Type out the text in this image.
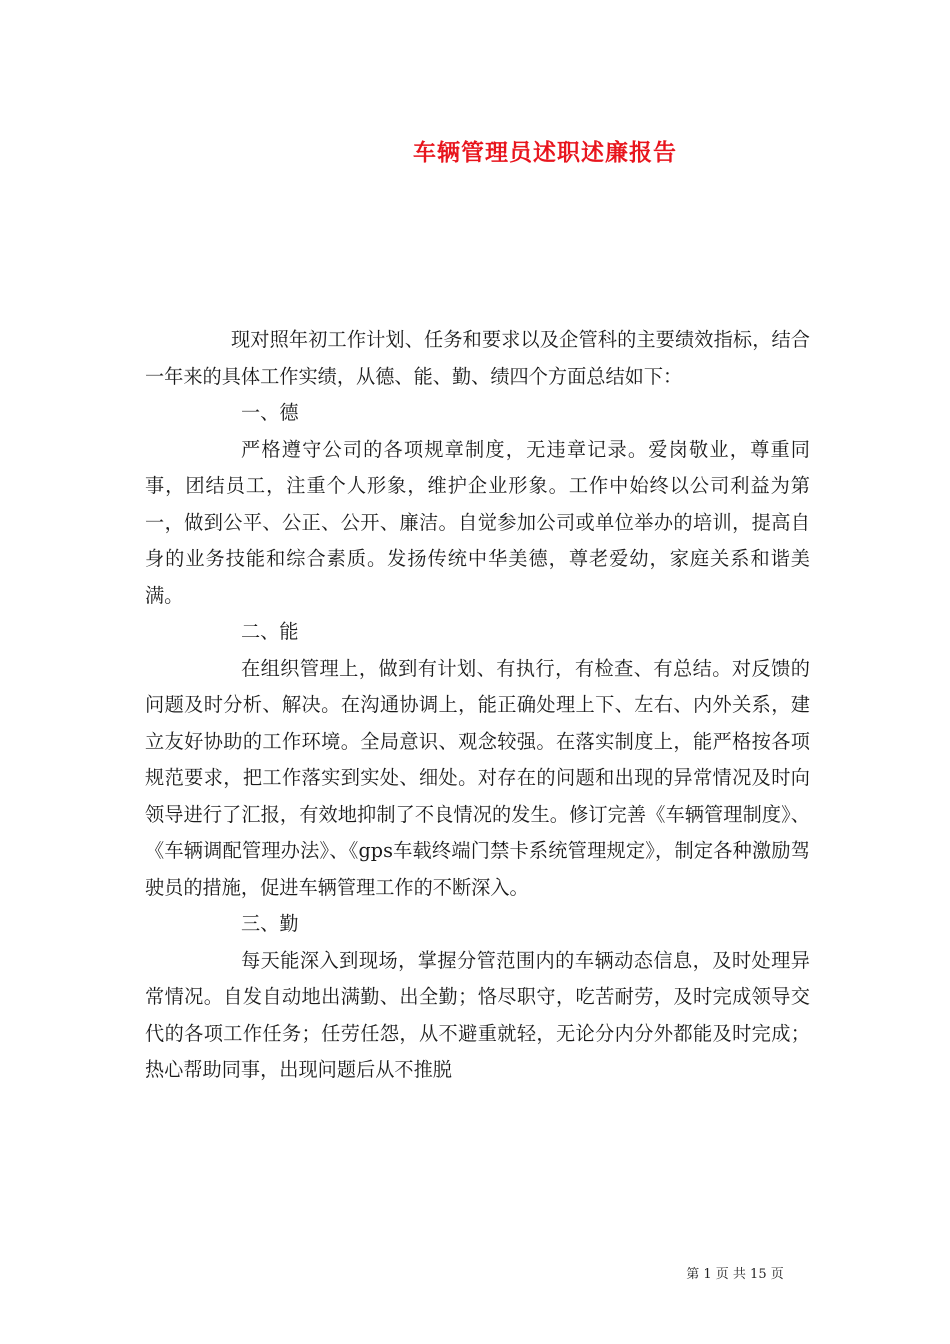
车辆管理员述职述廉报告

现对照年初工作计划、任务和要求以及企管科的主要绩效指标，结合一年来的具体工作实绩，从德、能、勤、绩四个方面总结如下：

一、德

严格遵守公司的各项规章制度，无违章记录。爱岗敬业，尊重同事，团结员工，注重个人形象，维护企业形象。工作中始终以公司利益为第一，做到公平、公正、公开、廉洁。自觉参加公司或单位举办的培训，提高自身的业务技能和综合素质。发扬传统中华美德，尊老爱幼，家庭关系和谐美满。

二、能

在组织管理上，做到有计划、有执行，有检查、有总结。对反馈的问题及时分析、解决。在沟通协调上，能正确处理上下、左右、内外关系，建立友好协助的工作环境。全局意识、观念较强。在落实制度上，能严格按各项规范要求，把工作落实到实处、细处。对存在的问题和出现的异常情况及时向领导进行了汇报，有效地抑制了不良情况的发生。修订完善《车辆管理制度》、《车辆调配管理办法》、《gps车载终端门禁卡系统管理规定》，制定各种激励驾驶员的措施，促进车辆管理工作的不断深入。

三、勤

每天能深入到现场，掌握分管范围内的车辆动态信息，及时处理异常情况。自发自动地出满勤、出全勤；恪尽职守，吃苦耐劳，及时完成领导交代的各项工作任务；任劳任怨，从不避重就轻，无论分内分外都能及时完成；热心帮助同事，出现问题后从不推脱

第 1 页 共 15 页
